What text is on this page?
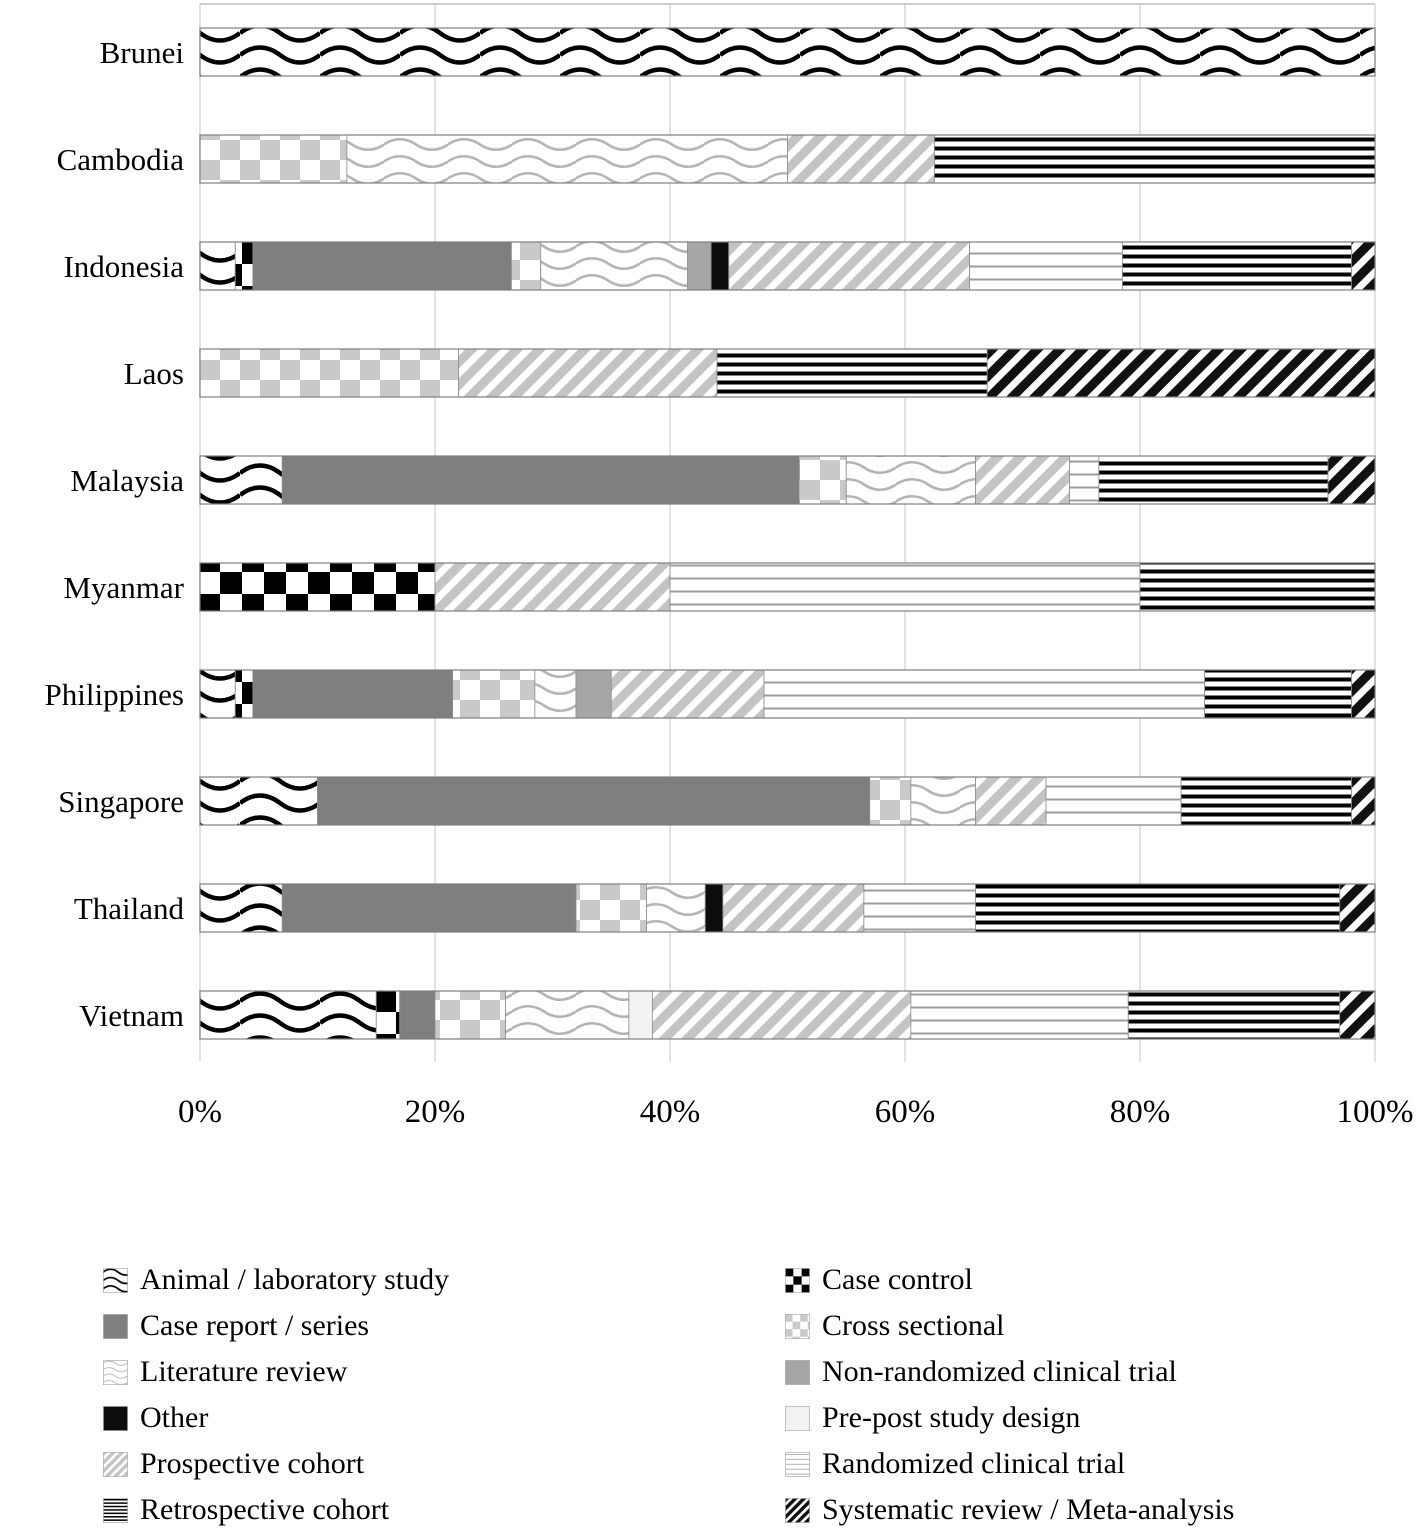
Brunei
Cambodia
Indonesia
Laos
Malaysia
Myanmar
Philippines
Singapore
Thailand
Vietnam
0%	20%	40%	60%	80%	100%
Animal / laboratory study
Case report / series
Literature review
Other
Prospective cohort
Retrospective cohort
Case control
Cross sectional
Non-randomized clinical trial
Pre-post study design
Randomized clinical trial
Systematic review / Meta-analysis
